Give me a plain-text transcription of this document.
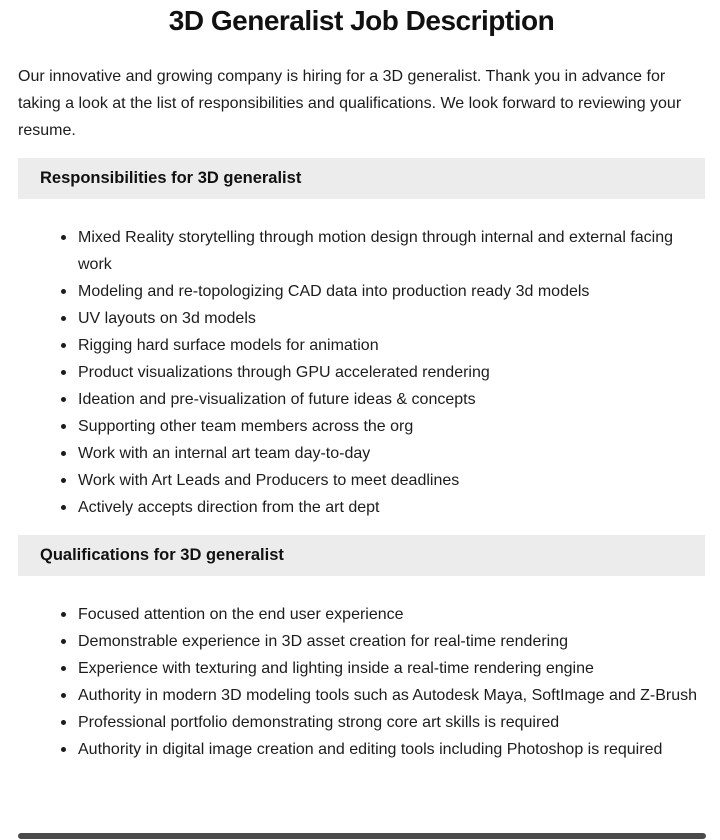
3D Generalist Job Description

Our innovative and growing company is hiring for a 3D generalist. Thank you in advance for taking a look at the list of responsibilities and qualifications. We look forward to reviewing your resume.

Responsibilities for 3D generalist
Mixed Reality storytelling through motion design through internal and external facing work
Modeling and re-topologizing CAD data into production ready 3d models
UV layouts on 3d models
Rigging hard surface models for animation
Product visualizations through GPU accelerated rendering
Ideation and pre-visualization of future ideas & concepts
Supporting other team members across the org
Work with an internal art team day-to-day
Work with Art Leads and Producers to meet deadlines
Actively accepts direction from the art dept
Qualifications for 3D generalist
Focused attention on the end user experience
Demonstrable experience in 3D asset creation for real-time rendering
Experience with texturing and lighting inside a real-time rendering engine
Authority in modern 3D modeling tools such as Autodesk Maya, SoftImage and Z-Brush
Professional portfolio demonstrating strong core art skills is required
Authority in digital image creation and editing tools including Photoshop is required
